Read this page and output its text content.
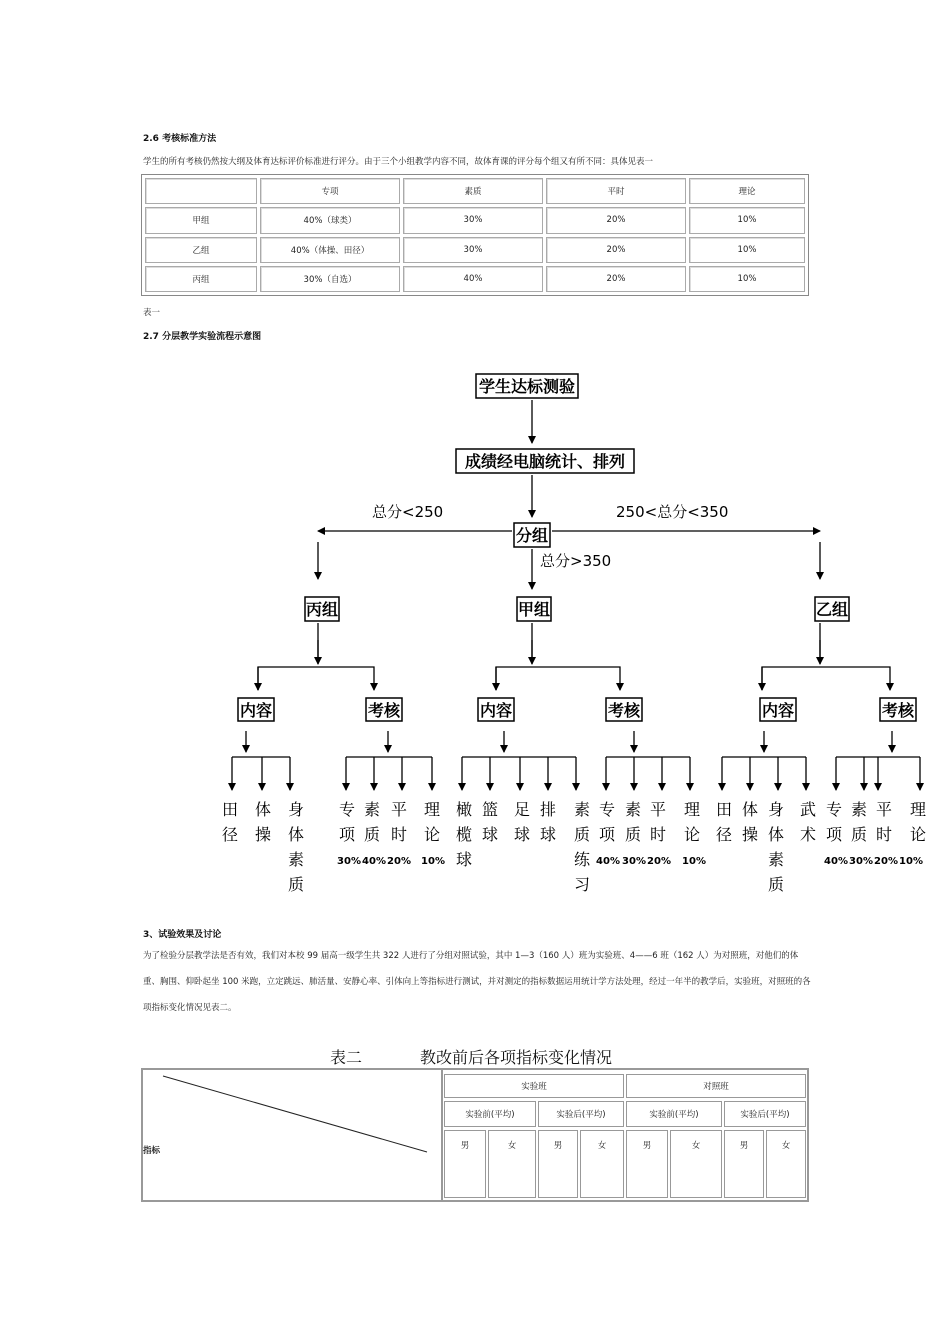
2.6 考核标准方法
学生的所有考核仍然按大纲及体育达标评价标准进行评分。由于三个小组教学内容不同，故体育课的评分每个组又有所不同：具体见表一
	专项	素质	平时	理论
甲组	40%（球类）	30%	20%	10%
乙组	40%（体操、田径）	30%	20%	10%
丙组	30%（自选）	40%	20%	10%
表一
2.7 分层教学实验流程示意图
学生达标测验
成绩经电脑统计、排列
分组
总分<250	250<总分<350
总分>350
丙组	甲组	乙组
内容	考核	内容	考核	内容	考核
田
径
体
操
身
体
素
质
专
项
素
质
平
时
理
论
橄
榄
球
篮
球
足
球
排
球
素
质
练
习
专
项
素
质
平
时
理
论
田
径
体
操
身
体
素
质
武
术
专
项
素
质
平
时
理
论
30% 40% 20% 10%	40% 30% 20% 10%	40% 30% 20% 10%
3、试验效果及讨论
为了检验分层教学法是否有效，我们对本校 99 届高一级学生共 322 人进行了分组对照试验，其中 1—3（160 人）班为实验班、4——6 班（162 人）为对照班，对他们的体重、胸围、仰卧起坐 100 米跑，立定跳远、肺活量、安静心率、引体向上等指标进行测试，并对测定的指标数据运用统计学方法处理，经过一年半的教学后，实验班，对照班的各项指标变化情况见表二。
表二	教改前后各项指标变化情况
指标
实验班	对照班
实验前(平均)	实验后(平均)	实验前(平均)	实验后(平均)
男	女	男	女	男	女	男	女
